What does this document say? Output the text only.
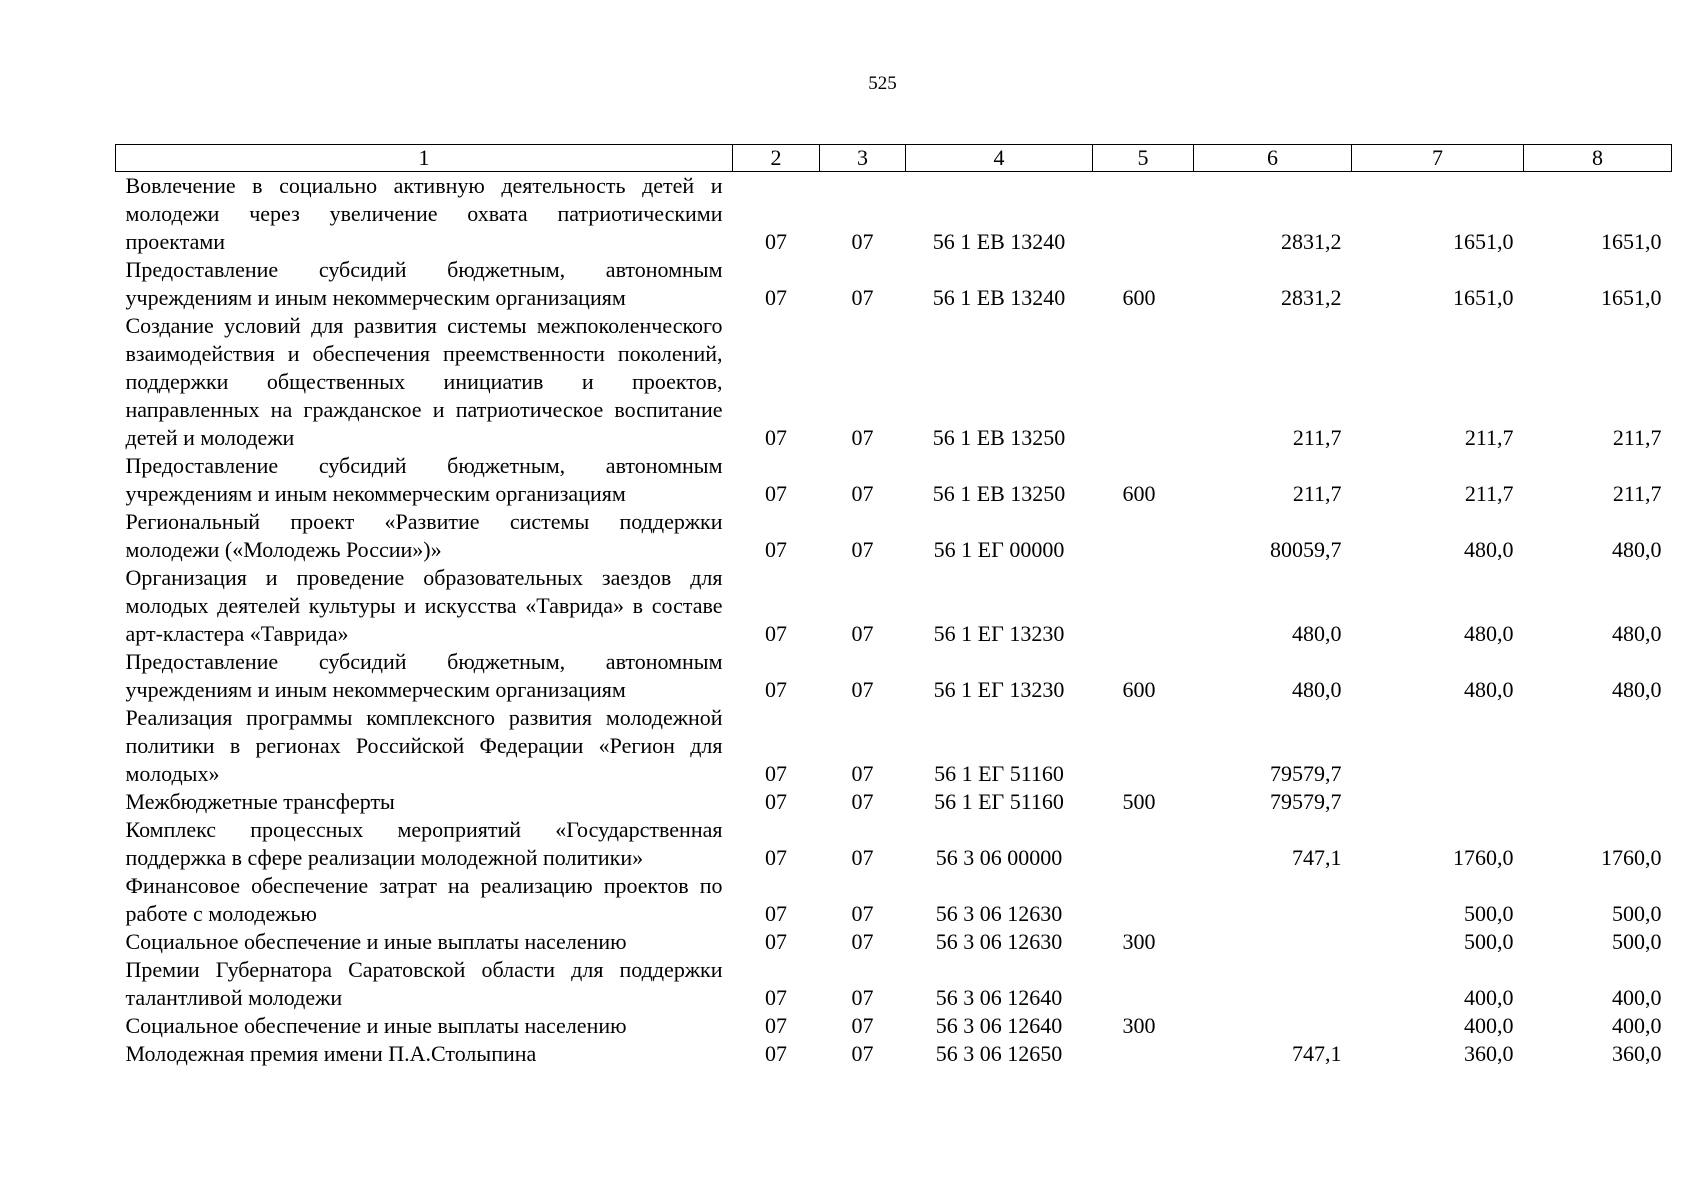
525
1	2	3	4	5	6	7	8
Вовлечение в социально активную деятельность детей и молодежи через увеличение охвата патриотическими проектами	07	07	56 1 ЕВ 13240		2831,2	1651,0	1651,0
Предоставление субсидий бюджетным, автономным учреждениям и иным некоммерческим организациям	07	07	56 1 ЕВ 13240	600	2831,2	1651,0	1651,0
Создание условий для развития системы межпоколенческого взаимодействия и обеспечения преемственности поколений, поддержки общественных инициатив и проектов, направленных на гражданское и патриотическое воспитание детей и молодежи	07	07	56 1 ЕВ 13250		211,7	211,7	211,7
Предоставление субсидий бюджетным, автономным учреждениям и иным некоммерческим организациям	07	07	56 1 ЕВ 13250	600	211,7	211,7	211,7
Региональный проект «Развитие системы поддержки молодежи («Молодежь России»)»	07	07	56 1 ЕГ 00000		80059,7	480,0	480,0
Организация и проведение образовательных заездов для молодых деятелей культуры и искусства «Таврида» в составе арт-кластера «Таврида»	07	07	56 1 ЕГ 13230		480,0	480,0	480,0
Предоставление субсидий бюджетным, автономным учреждениям и иным некоммерческим организациям	07	07	56 1 ЕГ 13230	600	480,0	480,0	480,0
Реализация программы комплексного развития молодежной политики в регионах Российской Федерации «Регион для молодых»	07	07	56 1 ЕГ 51160		79579,7		
Межбюджетные трансферты	07	07	56 1 ЕГ 51160	500	79579,7		
Комплекс процессных мероприятий «Государственная поддержка в сфере реализации молодежной политики»	07	07	56 3 06 00000		747,1	1760,0	1760,0
Финансовое обеспечение затрат на реализацию проектов по работе с молодежью	07	07	56 3 06 12630			500,0	500,0
Социальное обеспечение и иные выплаты населению	07	07	56 3 06 12630	300		500,0	500,0
Премии Губернатора Саратовской области для поддержки талантливой молодежи	07	07	56 3 06 12640			400,0	400,0
Социальное обеспечение и иные выплаты населению	07	07	56 3 06 12640	300		400,0	400,0
Молодежная премия имени П.А.Столыпина	07	07	56 3 06 12650		747,1	360,0	360,0
